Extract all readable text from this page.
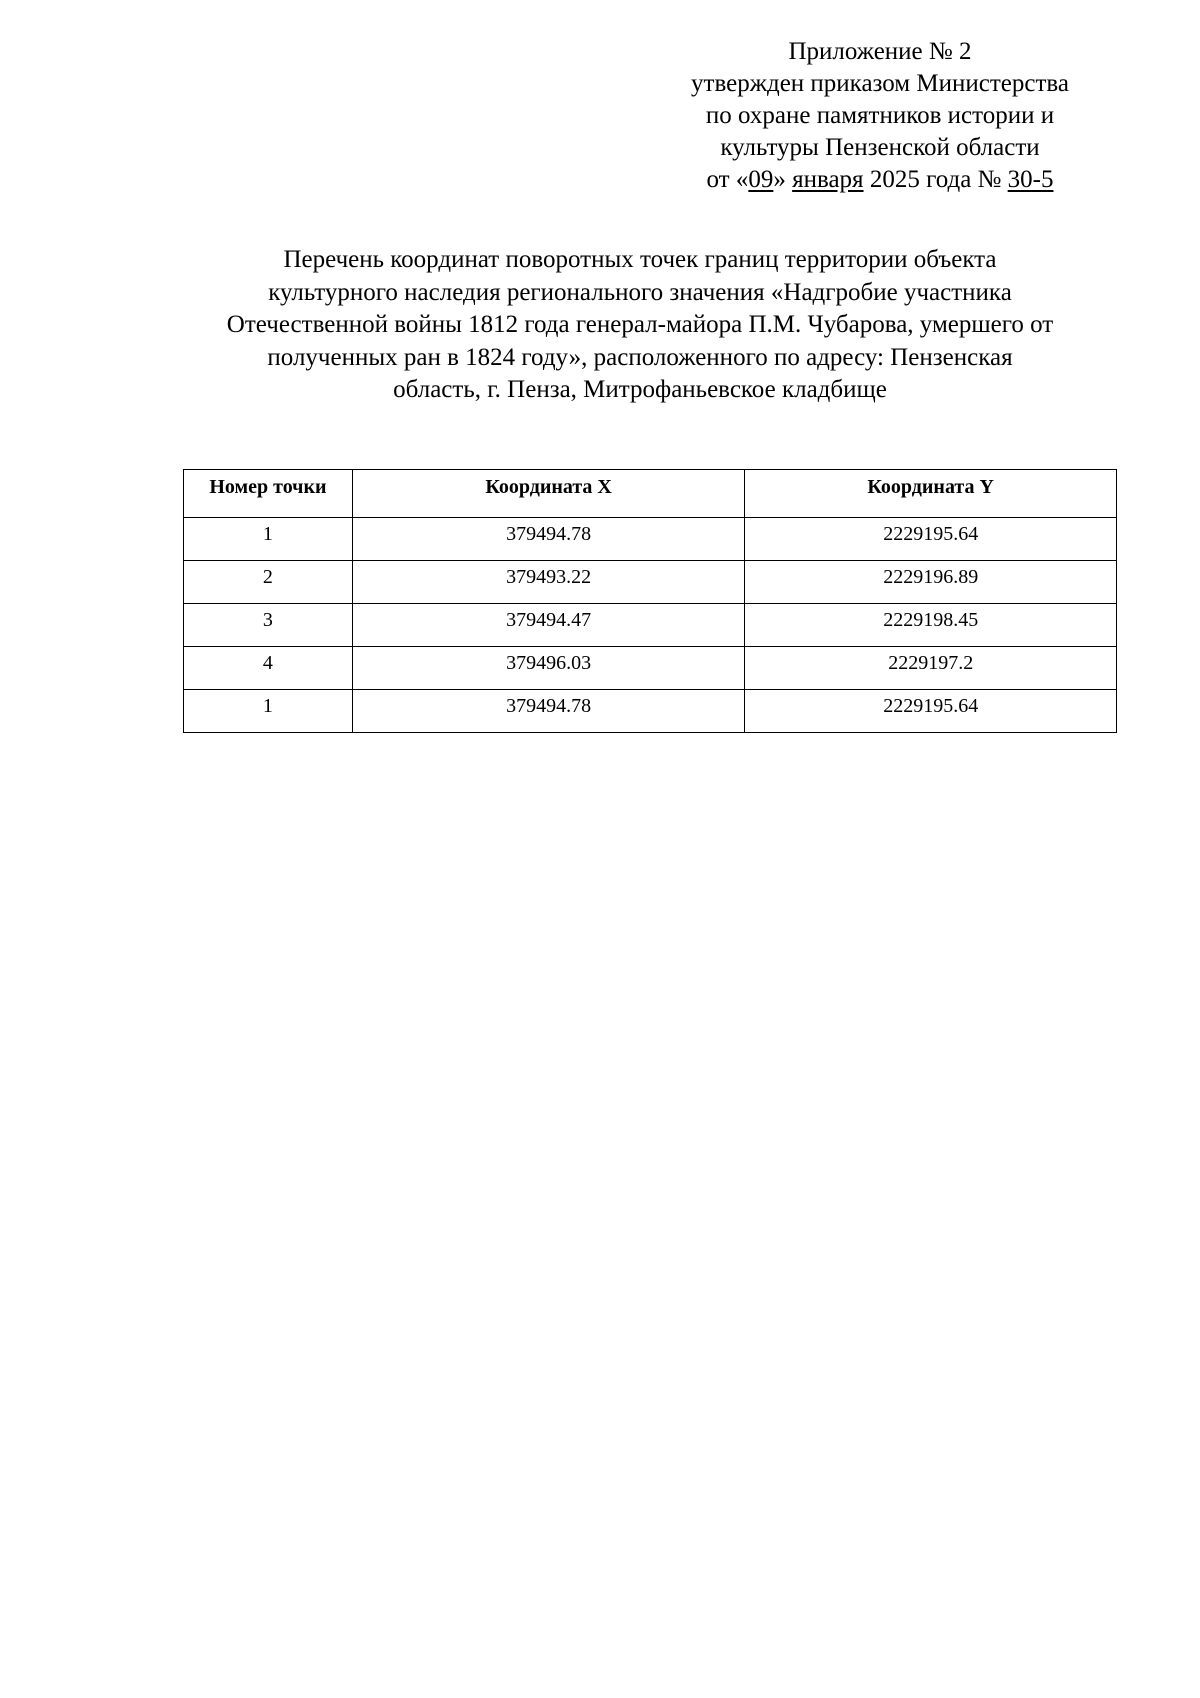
Приложение № 2
утвержден приказом Министерства
по охране памятников истории и
культуры Пензенской области
от «09» января 2025 года № 30-5
Перечень координат поворотных точек границ территории объекта
культурного наследия регионального значения «Надгробие участника
Отечественной войны 1812 года генерал-майора П.М. Чубарова, умершего от
полученных ран в 1824 году», расположенного по адресу: Пензенская
область, г. Пенза, Митрофаньевское кладбище
Номер точки	Координата X	Координата Y
1	379494.78	2229195.64
2	379493.22	2229196.89
3	379494.47	2229198.45
4	379496.03	2229197.2
1	379494.78	2229195.64
